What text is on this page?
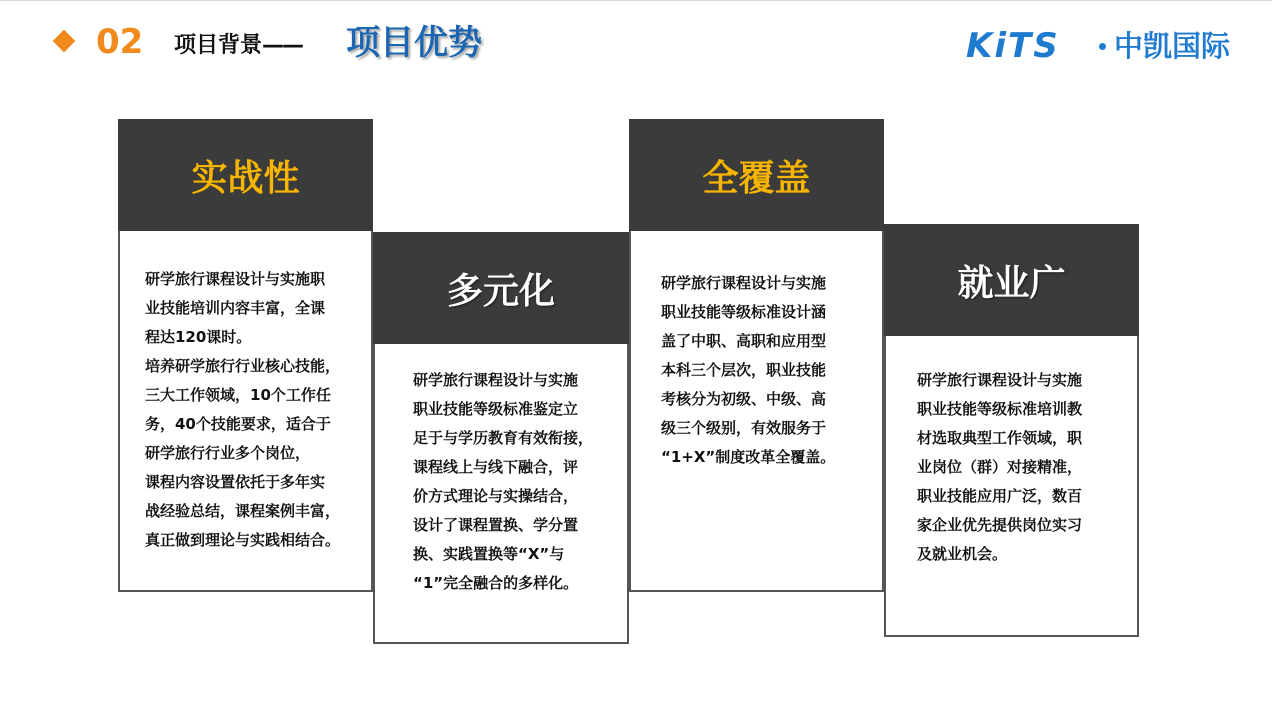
02 项目背景 —— 项目优势	KiTS 中凯国际
实战性
研学旅行课程设计与实施职
业技能培训内容丰富，全课
程达120课时。
培养研学旅行行业核心技能，
三大工作领域，10个工作任
务，40个技能要求，适合于
研学旅行行业多个岗位，
课程内容设置依托于多年实
战经验总结，课程案例丰富，
真正做到理论与实践相结合。
多元化
研学旅行课程设计与实施
职业技能等级标准鉴定立
足于与学历教育有效衔接，
课程线上与线下融合，评
价方式理论与实操结合，
设计了课程置换、学分置
换、实践置换等“X”与
“1”完全融合的多样化。
全覆盖
研学旅行课程设计与实施
职业技能等级标准设计涵
盖了中职、高职和应用型
本科三个层次，职业技能
考核分为初级、中级、高
级三个级别，有效服务于
“1+X”制度改革全覆盖。
就业广
研学旅行课程设计与实施
职业技能等级标准培训教
材选取典型工作领域，职
业岗位（群）对接精准，
职业技能应用广泛，数百
家企业优先提供岗位实习
及就业机会。
